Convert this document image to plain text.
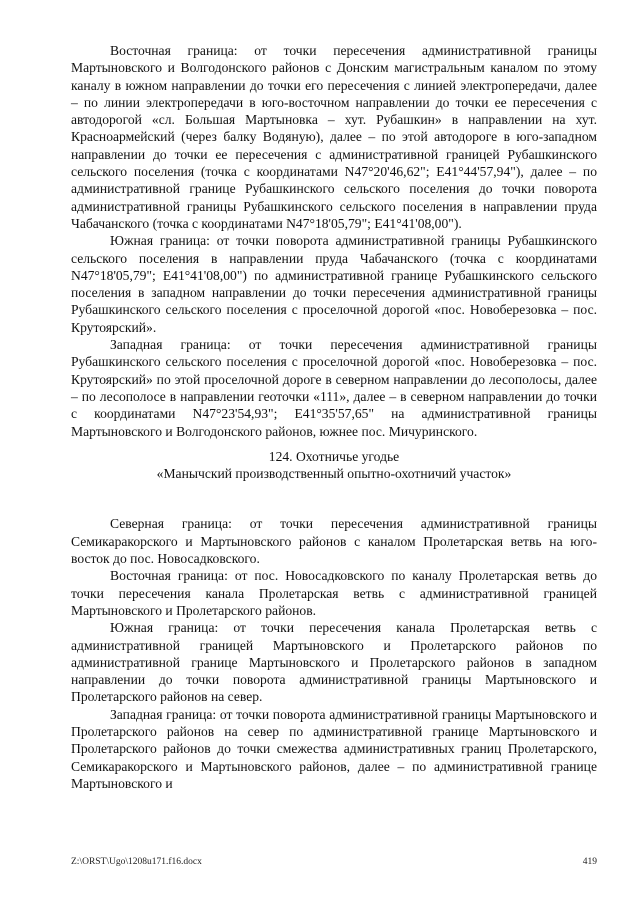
Восточная граница: от точки пересечения административной границы Мартыновского и Волгодонского районов с Донским магистральным каналом по этому каналу в южном направлении до точки его пересечения с линией электропередачи, далее – по линии электропередачи в юго-восточном направлении до точки ее пересечения с автодорогой «сл. Большая Мартыновка – хут. Рубашкин» в направлении на хут. Красноармейский (через балку Водяную), далее – по этой автодороге в юго-западном направлении до точки ее пересечения с административной границей Рубашкинского сельского поселения (точка с координатами N47°20'46,62"; E41°44'57,94"), далее – по административной границе Рубашкинского сельского поселения до точки поворота административной границы Рубашкинского сельского поселения в направлении пруда Чабачанского (точка с координатами N47°18'05,79"; E41°41'08,00").

Южная граница: от точки поворота административной границы Рубашкинского сельского поселения в направлении пруда Чабачанского (точка с координатами N47°18'05,79"; E41°41'08,00") по административной границе Рубашкинского сельского поселения в западном направлении до точки пересечения административной границы Рубашкинского сельского поселения с проселочной дорогой «пос. Новоберезовка – пос. Крутоярский».

Западная граница: от точки пересечения административной границы Рубашкинского сельского поселения с проселочной дорогой «пос. Новоберезовка – пос. Крутоярский» по этой проселочной дороге в северном направлении до лесополосы, далее – по лесополосе в направлении геоточки «111», далее – в северном направлении до точки с координатами N47°23'54,93"; E41°35'57,65" на административной границы Мартыновского и Волгодонского районов, южнее пос. Мичуринского.

124. Охотничье угодье

«Манычский производственный опытно-охотничий участок»

Северная граница: от точки пересечения административной границы Семикаракорского и Мартыновского районов с каналом Пролетарская ветвь на юго-восток до пос. Новосадковского.

Восточная граница: от пос. Новосадковского по каналу Пролетарская ветвь до точки пересечения канала Пролетарская ветвь с административной границей Мартыновского и Пролетарского районов.

Южная граница: от точки пересечения канала Пролетарская ветвь с административной границей Мартыновского и Пролетарского районов по административной границе Мартыновского и Пролетарского районов в западном направлении до точки поворота административной границы Мартыновского и Пролетарского районов на север.

Западная граница: от точки поворота административной границы Мартыновского и Пролетарского районов на север по административной границе Мартыновского и Пролетарского районов до точки смежества административных границ Пролетарского, Семикаракорского и Мартыновского районов, далее – по административной границе Мартыновского и

Z:\ORST\Ugo\1208u171.f16.docx	419
